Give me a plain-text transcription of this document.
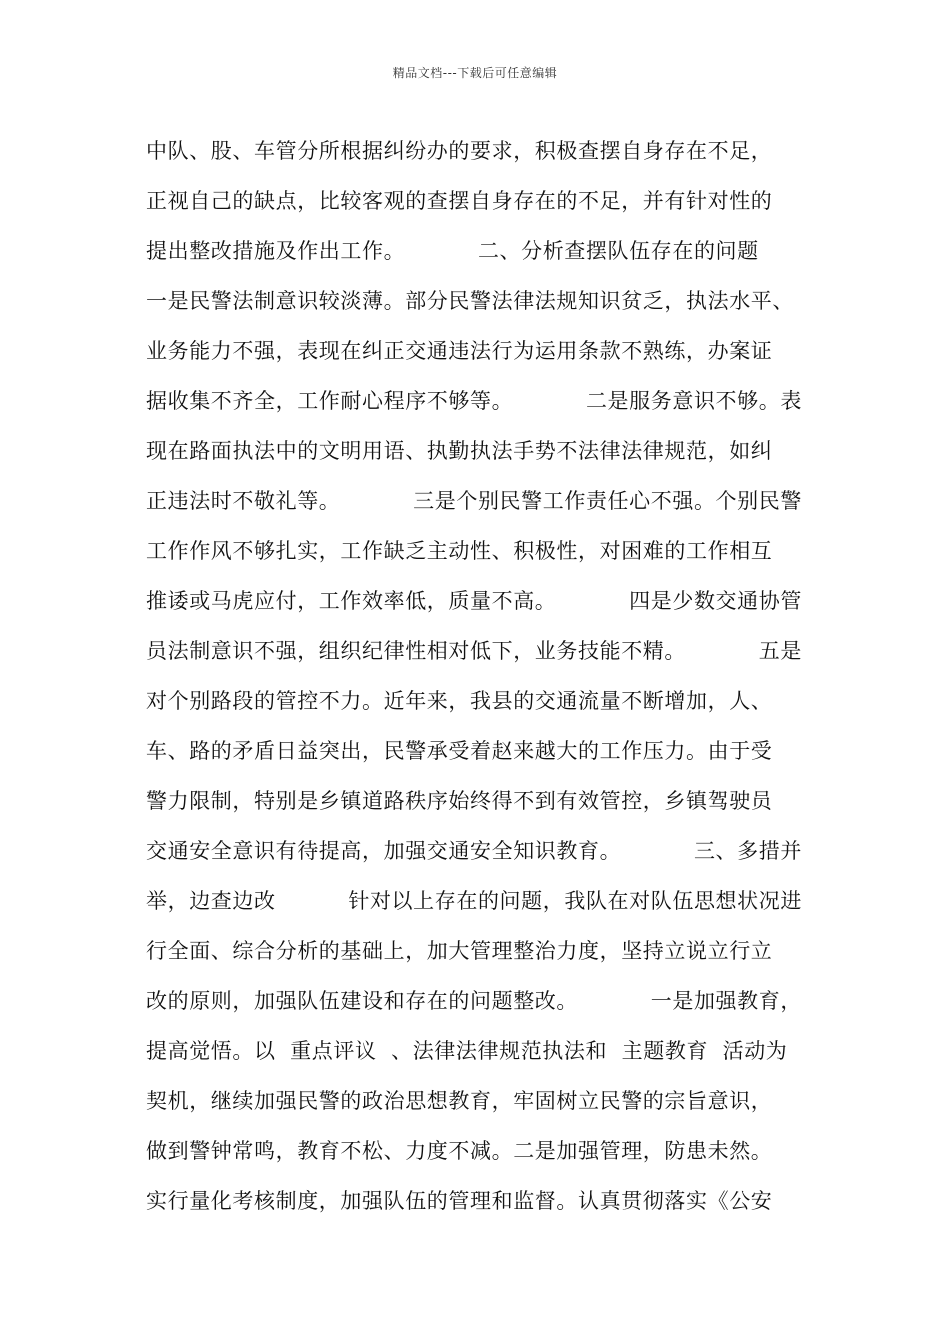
精品文档---下载后可任意编辑
中队、股、车管分所根据纠纷办的要求，积极查摆自身存在不足，
正视自己的缺点，比较客观的查摆自身存在的不足，并有针对性的
提出整改措施及作出工作。          二、分析查摆队伍存在的问题
一是民警法制意识较淡薄。部分民警法律法规知识贫乏，执法水平、
业务能力不强，表现在纠正交通违法行为运用条款不熟练，办案证
据收集不齐全，工作耐心程序不够等。          二是服务意识不够。表
现在路面执法中的文明用语、执勤执法手势不法律法律规范，如纠
正违法时不敬礼等。          三是个别民警工作责任心不强。个别民警
工作作风不够扎实，工作缺乏主动性、积极性，对困难的工作相互
推诿或马虎应付，工作效率低，质量不高。          四是少数交通协管
员法制意识不强，组织纪律性相对低下，业务技能不精。          五是
对个别路段的管控不力。近年来，我县的交通流量不断增加，人、
车、路的矛盾日益突出，民警承受着赵来越大的工作压力。由于受
警力限制，特别是乡镇道路秩序始终得不到有效管控，乡镇驾驶员
交通安全意识有待提高，加强交通安全知识教育。          三、多措并
举，边查边改          针对以上存在的问题，我队在对队伍思想状况进
行全面、综合分析的基础上，加大管理整治力度，坚持立说立行立
改的原则，加强队伍建设和存在的问题整改。          一是加强教育，
提高觉悟。以  重点评议  、法律法律规范执法和  主题教育  活动为
契机，继续加强民警的政治思想教育，牢固树立民警的宗旨意识，
做到警钟常鸣，教育不松、力度不减。二是加强管理，防患未然。
实行量化考核制度，加强队伍的管理和监督。认真贯彻落实《公安
